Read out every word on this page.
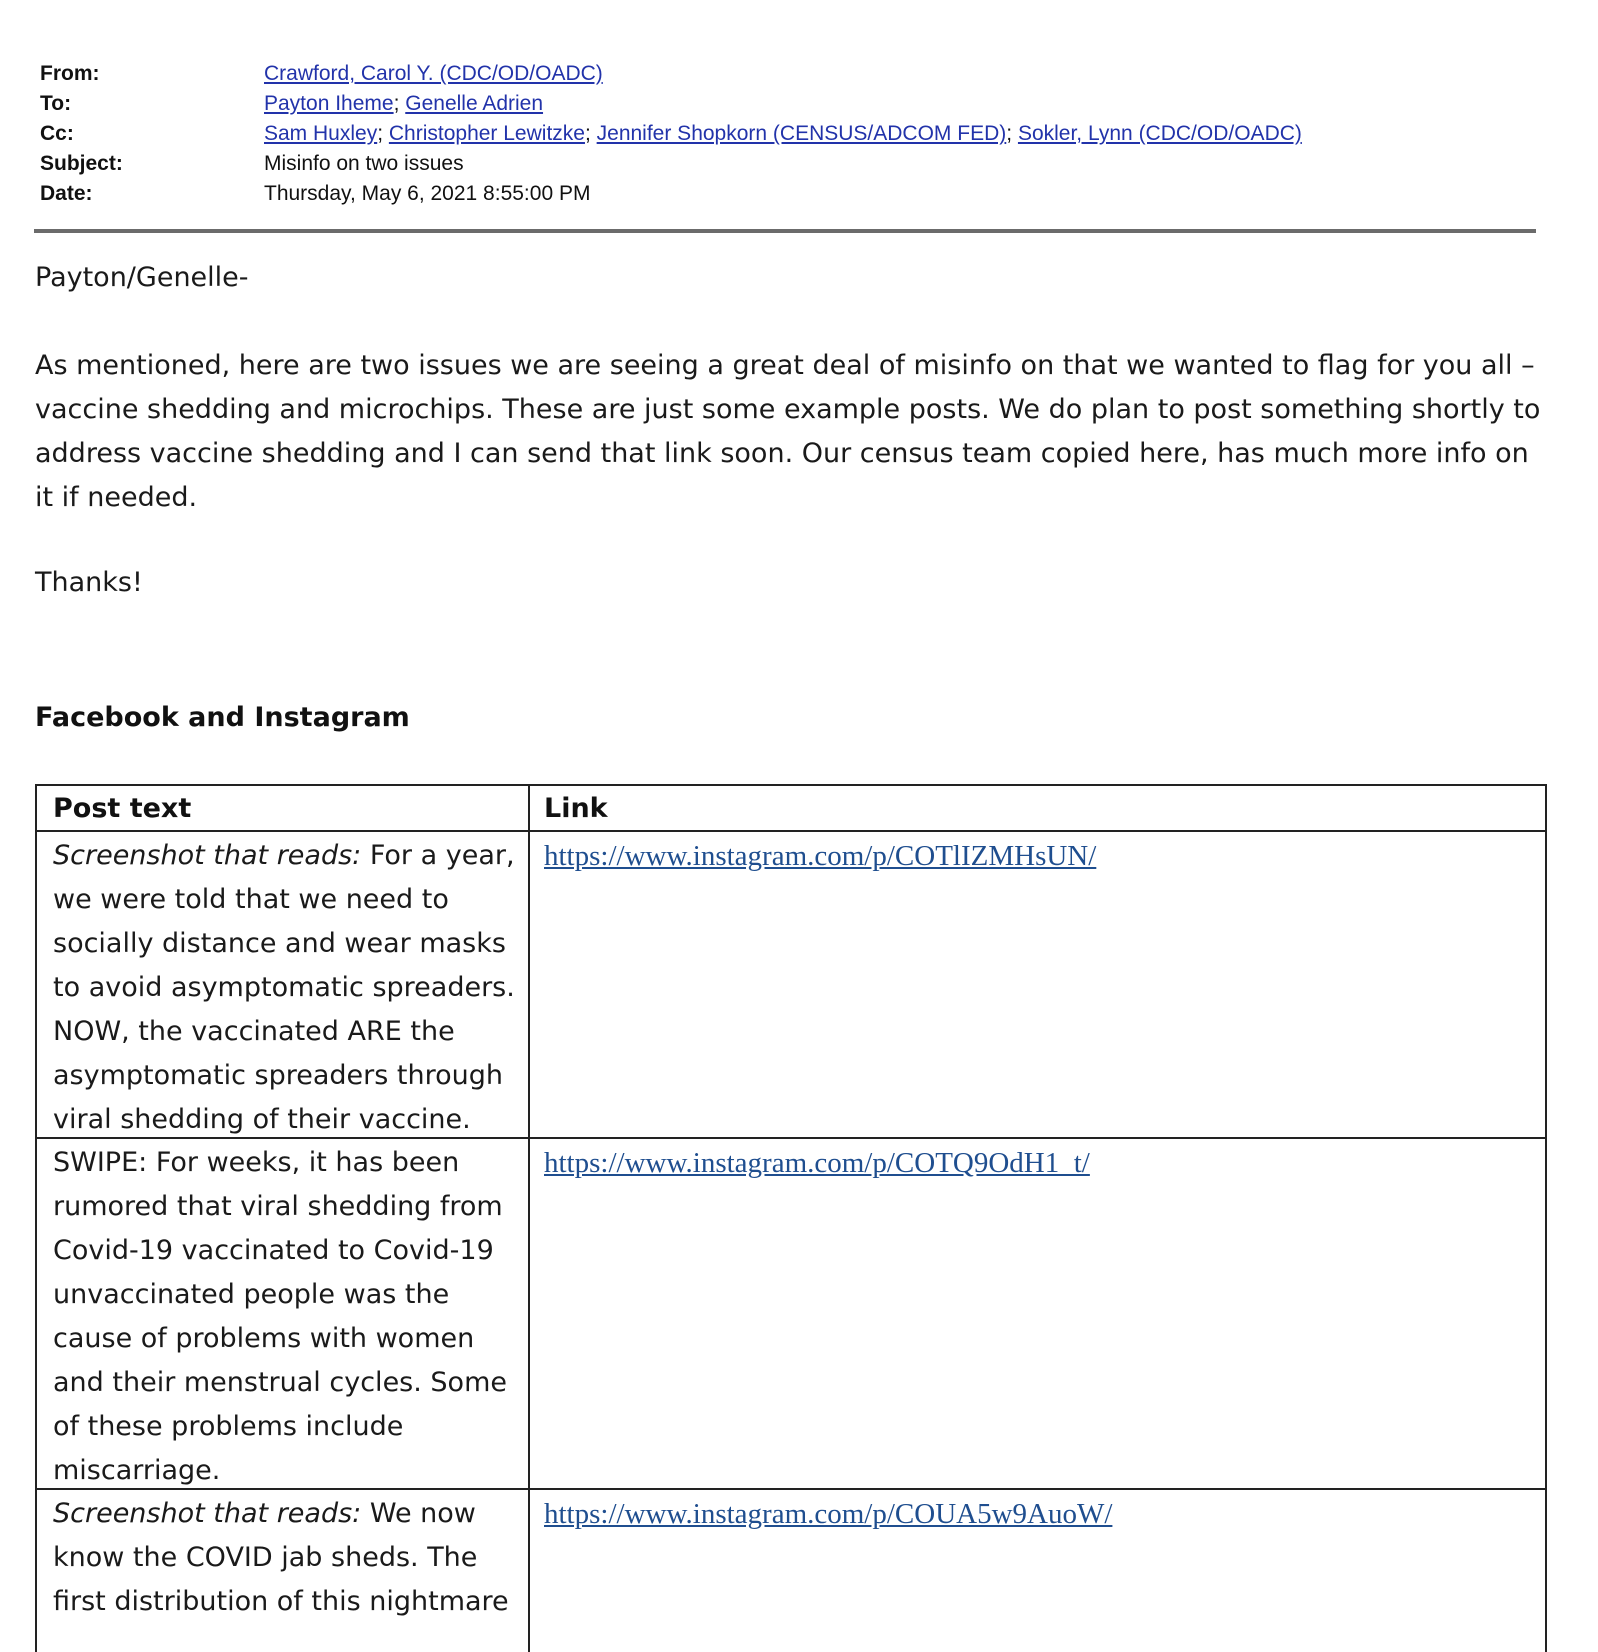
From:	Crawford, Carol Y. (CDC/OD/OADC)
To:	Payton Iheme; Genelle Adrien
Cc:	Sam Huxley; Christopher Lewitzke; Jennifer Shopkorn (CENSUS/ADCOM FED); Sokler, Lynn (CDC/OD/OADC)
Subject:	Misinfo on two issues
Date:	Thursday, May 6, 2021 8:55:00 PM
Payton/Genelle-
As mentioned, here are two issues we are seeing a great deal of misinfo on that we wanted to flag for you all –
vaccine shedding and microchips. These are just some example posts. We do plan to post something shortly to
address vaccine shedding and I can send that link soon. Our census team copied here, has much more info on
it if needed.
Thanks!
Facebook and Instagram
Post text	Link
Screenshot that reads: For a year,
we were told that we need to
socially distance and wear masks
to avoid asymptomatic spreaders.
NOW, the vaccinated ARE the
asymptomatic spreaders through
viral shedding of their vaccine.
https://www.instagram.com/p/COTlIZMHsUN/
SWIPE: For weeks, it has been
rumored that viral shedding from
Covid-19 vaccinated to Covid-19
unvaccinated people was the
cause of problems with women
and their menstrual cycles. Some
of these problems include
miscarriage.
https://www.instagram.com/p/COTQ9OdH1_t/
Screenshot that reads: We now
know the COVID jab sheds. The
first distribution of this nightmare
https://www.instagram.com/p/COUA5w9AuoW/
